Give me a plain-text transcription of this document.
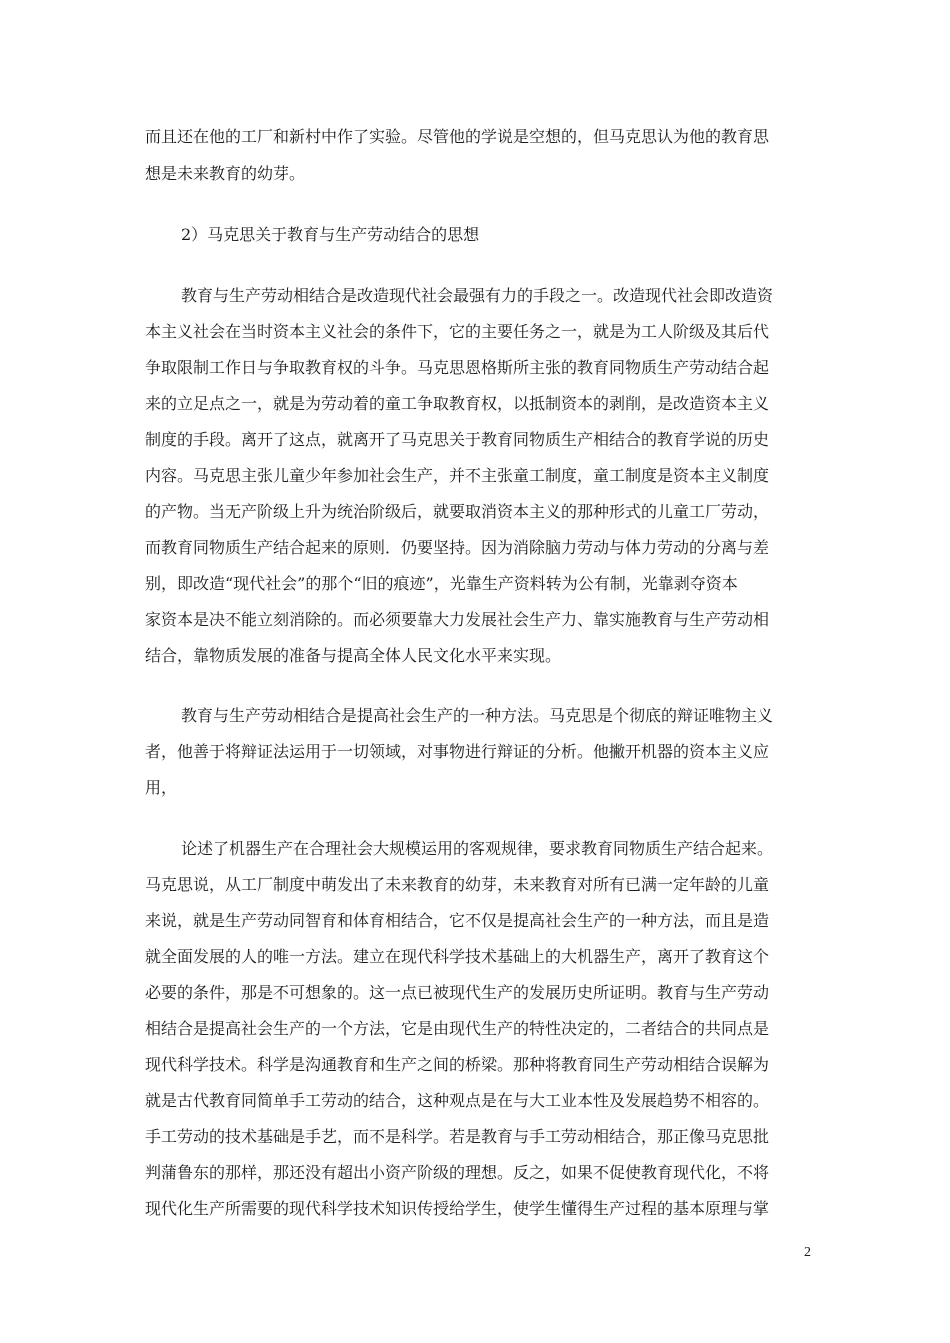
而且还在他的工厂和新村中作了实验。尽管他的学说是空想的，但马克思认为他的教育思
想是未来教育的幼芽。
2）马克思关于教育与生产劳动结合的思想
教育与生产劳动相结合是改造现代社会最强有力的手段之一。改造现代社会即改造资
本主义社会在当时资本主义社会的条件下，它的主要任务之一，就是为工人阶级及其后代
争取限制工作日与争取教育权的斗争。马克思恩格斯所主张的教育同物质生产劳动结合起
来的立足点之一，就是为劳动着的童工争取教育权，以抵制资本的剥削，是改造资本主义
制度的手段。离开了这点，就离开了马克思关于教育同物质生产相结合的教育学说的历史
内容。马克思主张儿童少年参加社会生产，并不主张童工制度，童工制度是资本主义制度
的产物。当无产阶级上升为统治阶级后，就要取消资本主义的那种形式的儿童工厂劳动，
而教育同物质生产结合起来的原则．仍要坚持。因为消除脑力劳动与体力劳动的分离与差
别，即改造“现代社会”的那个“旧的痕迹”，光靠生产资料转为公有制，光靠剥夺资本
家资本是决不能立刻消除的。而必须要靠大力发展社会生产力、靠实施教育与生产劳动相
结合，靠物质发展的准备与提高全体人民文化水平来实现。
教育与生产劳动相结合是提高社会生产的一种方法。马克思是个彻底的辩证唯物主义
者，他善于将辩证法运用于一切领域，对事物进行辩证的分析。他撇开机器的资本主义应
用，
论述了机器生产在合理社会大规模运用的客观规律，要求教育同物质生产结合起来。
马克思说，从工厂制度中萌发出了未来教育的幼芽，未来教育对所有已满一定年龄的儿童
来说，就是生产劳动同智育和体育相结合，它不仅是提高社会生产的一种方法，而且是造
就全面发展的人的唯一方法。建立在现代科学技术基础上的大机器生产，离开了教育这个
必要的条件，那是不可想象的。这一点已被现代生产的发展历史所证明。教育与生产劳动
相结合是提高社会生产的一个方法，它是由现代生产的特性决定的，二者结合的共同点是
现代科学技术。科学是沟通教育和生产之间的桥梁。那种将教育同生产劳动相结合误解为
就是古代教育同简单手工劳动的结合，这种观点是在与大工业本性及发展趋势不相容的。
手工劳动的技术基础是手艺，而不是科学。若是教育与手工劳动相结合，那正像马克思批
判蒲鲁东的那样，那还没有超出小资产阶级的理想。反之，如果不促使教育现代化，不将
现代化生产所需要的现代科学技术知识传授给学生，使学生懂得生产过程的基本原理与掌
2
